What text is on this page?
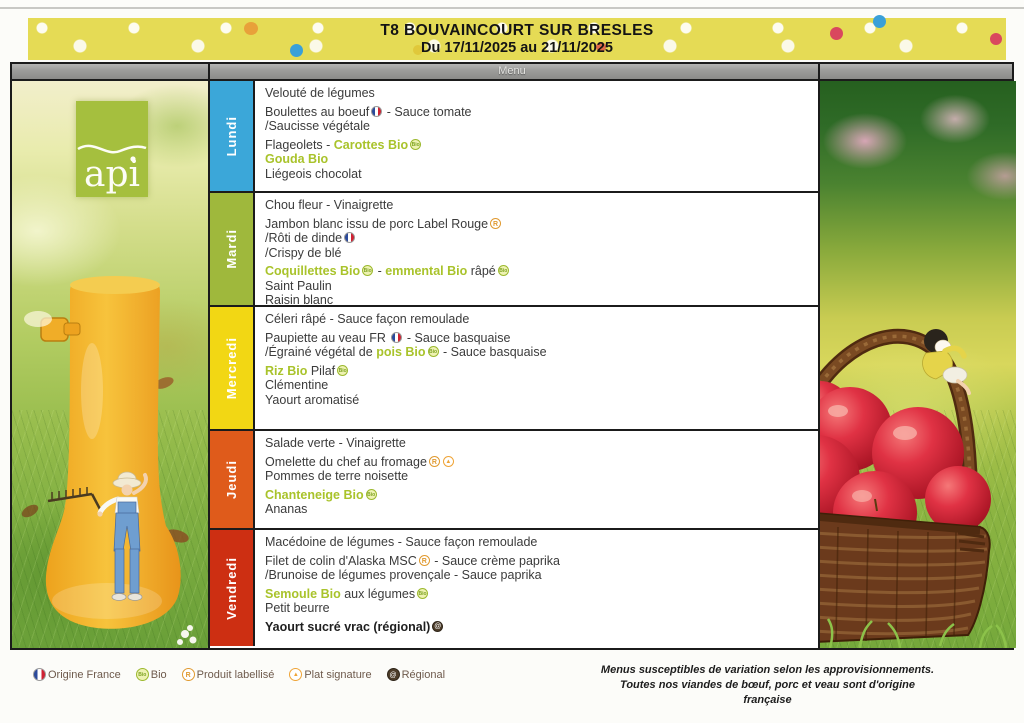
T8 BOUVAINCOURT SUR BRESLES
Du 17/11/2025 au 21/11/2025
Menu
api
Lundi
Velouté de légumes
Boulettes au boeuf - Sauce tomate
/Saucisse végétale
Flageolets - Carottes Bio Bio
Gouda Bio
Liégeois chocolat
Mardi
Chou fleur - Vinaigrette
Jambon blanc issu de porc Label Rouge R
/Rôti de dinde
/Crispy de blé
Coquillettes Bio Bio - emmental Bio râpé Bio
Saint Paulin
Raisin blanc
Mercredi
Céleri râpé - Sauce façon remoulade
Paupiette au veau FR  - Sauce basquaise
/Égrainé végétal de pois Bio Bio - Sauce basquaise
Riz Bio Pilaf Bio
Clémentine
Yaourt aromatisé
Jeudi
Salade verte - Vinaigrette
Omelette du chef au fromage R ▲
Pommes de terre noisette
Chanteneige Bio Bio
Ananas
Vendredi
Macédoine de légumes - Sauce façon remoulade
Filet de colin d'Alaska MSC R - Sauce crème paprika
/Brunoise de légumes provençale - Sauce paprika
Semoule Bio aux légumes Bio
Petit beurre
Yaourt sucré vrac (régional) @
Origine France	Bio Bio	R Produit labellisé	▲ Plat signature	@ Régional	Menus susceptibles de variation selon les approvisionnements.
Toutes nos viandes de bœuf, porc et veau sont d'origine française
